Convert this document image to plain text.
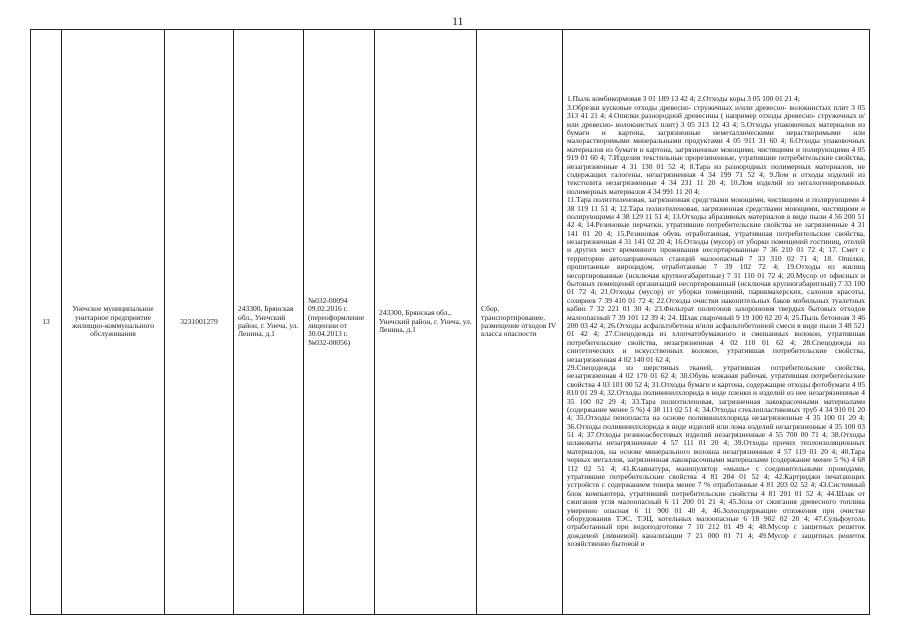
11
13	Унечское муниципальное унитарное предприятие жилищно-коммунального обслуживания	3231001279	243300, Брянская обл., Унечский район, г. Унеча, ул. Ленина, д.1	№032-00094 09.02.2016 г. (переоформление лицензии от 30.04.2013 г. №032-00056)	243300, Брянская обл., Унечский район, г. Унеча, ул. Ленина, д.1	Сбор, транспортирование, размещение отходов IV класса опасности	
1.Пыль комбикормовая 3 01 189 13 42 4; 2.Отходы коры 3 05 100 01 21 4;
3.Обрезки кусковые отходы древесно- стружечных и/или древесно- волокнистых плит 3 05 313 41 21 4; 4.Опилки разнородной древесины ( например отходы древесно- стружечных и/или древесно- волокнистых плит) 3 05 313 12 43 4; 5.Отходы упаковочных материалов из бумаги и картона, загрязненные неметаллическими нерастворимыми или малорастворимыми минеральными продуктами 4 05 911 31 60 4; 6.Отходы упаковочных материалов из бумаги и картона, загрязненные моющими, чистящими и полирующими 4 05 919 01 60 4; 7.Изделия текстильные прорезиненные, утратившие потребительские свойства, незагрязненные 4 31 130 01 52 4; 8.Тара из разнородных полимерных материалов, не содержащих галогены, незагрязненная 4 34 199 71 52 4; 9.Лом и отходы изделий из текстолита незагрязненные 4 34 231 11 20 4; 10.Лом изделий из негалогенированных полимерных материалов 4 34 991 11 20 4;
11.Тара полиэтиленовая, загрязненная средствами моющими, чистящими и полирующими 4 38 119 11 51 4; 12.Тара полиэтиленовая, загрязненная средствами моющими, чистящими и полирующими 4 38 129 11 51 4; 13.Отходы абразивных материалов в виде пыли 4 56 200 51 42 4; 14.Резиновые перчатки, утратившие потребительские свойства не загрязненные 4 31 141 01 20 4; 15.Резиновая обувь отработанная, утратившая потребительские свойства, незагрязненная 4 31 141 02 20 4; 16.Отходы (мусор) от уборки помещений гостиниц, отелей и других мест временного проживания несортированные 7 36 210 01 72 4; 17. Смет с территории автозаправочных станций малоопасный 7 33 310 02 71 4; 18. Опилки, пропитанные вироцидом, отработанные 7 39 102 72 4; 19.Отходы из жилищ несортированные (исключая крупногабаритные) 7 31 110 01 72 4; 20.Мусор от офисных и бытовых помещений организаций несортированный (исключая крупногабаритный) 7 33 100 01 72 4; 21.Отходы (мусор) от уборки помещений, парикмахерских, салонов красоты, соляриев 7 39 410 01 72 4; 22.Отходы очистки накопительных баков мобильных туалетных кабин 7 32 221 01 30 4; 23.Фильтрат полигонов захоронения твердых бытовых отходов малоопасный 7 39 101 12 39 4; 24. Шлак сварочный 9 19 100 02 20 4; 25.Пыль бетонная 3 46 200 03 42 4; 26.Отходы асфальтобетона и/или асфальтобетонной смеси в виде пыли 3 48 521 01 42 4; 27.Спецодежда из хлопчатобумажного и смешанных волокон, утратившая потребительские свойства, незагрязненная 4 02 110 01 62 4; 28.Спецодежда из синтетических и искусственных волокон, утратившая потребительские свойства, незагрязненная 4 02 140 01 62 4;
29.Спецодежда из шерстяных тканей, утратившая потребительские свойства, незагрязненная 4 02 170 01 62 4; 30.Обувь кожаная рабочая, утратившая потребительские свойства 4 03 101 00 52 4; 31.Отходы бумаги и картона, содержащие отходы фотобумаги 4 05 810 01 29 4; 32.Отходы поливинилхлорида в виде пленки и изделий из нее незагрязненные 4 35 100 02 29 4; 33.Тара полиэтиленовая, загрязненная лакокрасочными материалами (содержание менее 5 %) 4 38 111 02 51 4; 34.Отходы стеклопластиковых труб 4 34 910 01 20 4; 35.Отходы пенопласта на основе поливинилхлорида незагрязненные 4 35 100 01 20 4; 36.Отходы поливинилхлорида в виде изделий или лома изделий незагрязненные 4 35 100 03 51 4; 37.Отходы резиноасбестовых изделий незагрязненные 4 55 700 00 71 4; 38.Отходы шлаковаты незагрязненные 4 57 111 01 20 4; 39.Отходы прочих теплоизоляционных материалов, на основе минерального волокна незагрязненные 4 57 119 01 20 4; 40.Тара черных металлов, загрязненная лакокрасочными материалами (содержание менее 5 %) 4 68 112 02 51 4; 41.Клавиатура, манипулятор «мышь» с соединительными проводами, утратившие потребительские свойства 4 81 204 01 52 4; 42.Картриджи печатающих устройств с содержанием тонера менее 7 % отработанные 4 81 203 02 52 4; 43.Системный блок компьютера, утративший потребительские свойства 4 81 201 01 52 4; 44.Шлак от сжигания угля малоопасный 6 11 200 01 21 4; 45.Зола от сжигания древесного топлива умеренно опасная 6 11 900 01 40 4; 46.Золосодержащие отложения при очистке оборудования ТЭС, ТЭЦ, котельных малоопасные 6 18 902 02 20 4; 47.Сульфоуголь отработанный при водоподготовке 7 10 212 01 49 4; 48.Мусор с защитных решеток дождевой (ливневой) канализации 7 21 000 01 71 4; 49.Мусор с защитных решеток хозяйственно бытовой и
